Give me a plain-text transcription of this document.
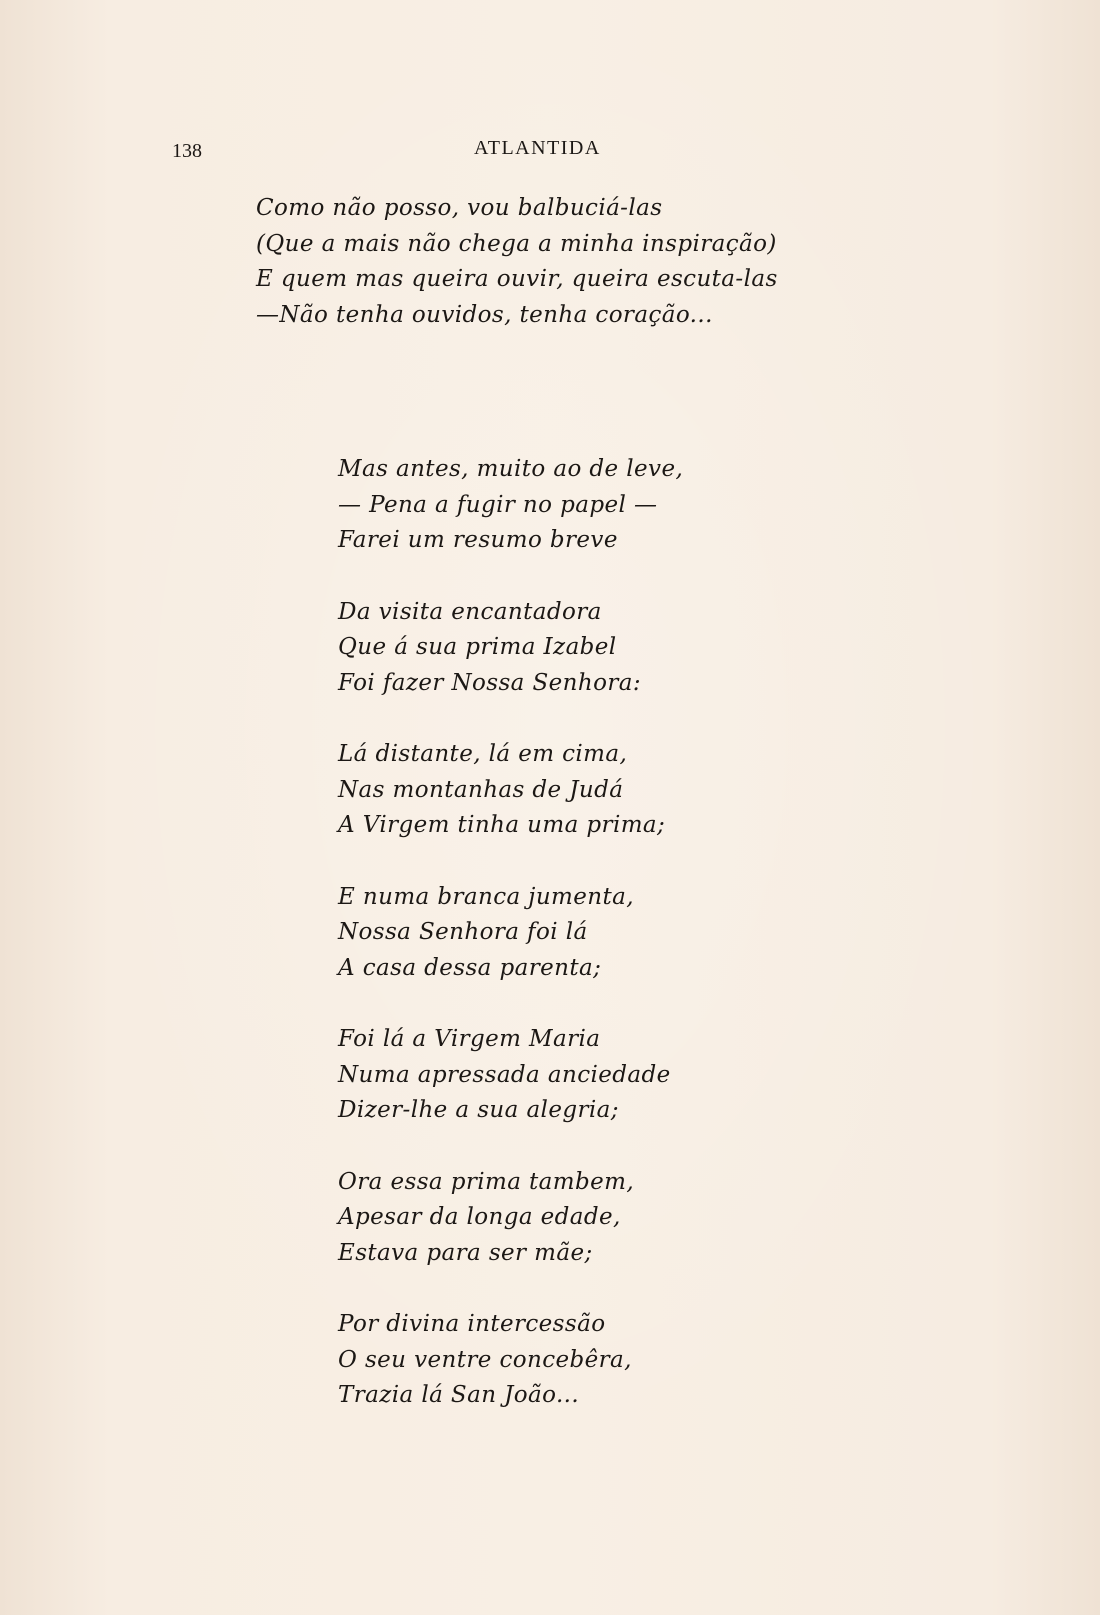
138	ATLANTIDA
Como não posso, vou balbuciá-las
(Que a mais não chega a minha inspiração)
E quem mas queira ouvir, queira escuta-las
—Não tenha ouvidos, tenha coração...
Mas antes, muito ao de leve,
— Pena a fugir no papel —
Farei um resumo breve
Da visita encantadora
Que á sua prima Izabel
Foi fazer Nossa Senhora:
Lá distante, lá em cima,
Nas montanhas de Judá
A Virgem tinha uma prima;
E numa branca jumenta,
Nossa Senhora foi lá
A casa dessa parenta;
Foi lá a Virgem Maria
Numa apressada anciedade
Dizer-lhe a sua alegria;
Ora essa prima tambem,
Apesar da longa edade,
Estava para ser mãe;
Por divina intercessão
O seu ventre concebêra,
Trazia lá San João...
